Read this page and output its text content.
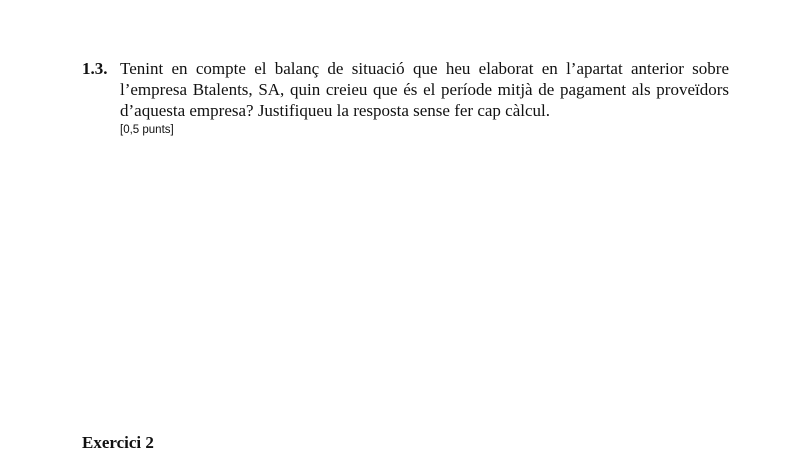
1.3. Tenint en compte el balanç de situació que heu elaborat en l’apartat anterior sobre l’empresa Btalents, SA, quin creieu que és el període mitjà de pagament als proveïdors d’aquesta empresa? Justifiqueu la resposta sense fer cap càlcul.

[0,5 punts]
Exercici 2
